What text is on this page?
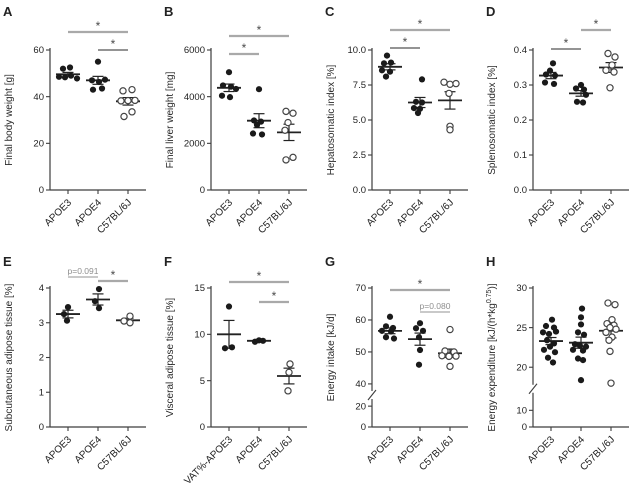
A
0
20
40
60
Final body weight [g]
APOE3
APOE4
C57BL/6J
*
*
B
0
2000
4000
6000
Final liver weight [mg]
APOE3
APOE4
C57BL/6J
*
*
C
0.0
2.5
5.0
7.5
10.0
Hepatosomatic index [%]
APOE3
APOE4
C57BL/6J
*
*
D
0.0
0.1
0.2
0.3
0.4
Splenosomatic index [%]
APOE3
APOE4
C57BL/6J
*
*
E
0
1
2
3
4
Subcutaneous adipose tissue [%]
APOE3
APOE4
C57BL/6J
p=0.091 *
F
0
5
10
15
Visceral adipose tissue [%]
VAT%-APOE3
APOE4
C57BL/6J
*
*
G
0
20
40
50
60
70
Energy intake [kJ/d]
APOE3
APOE4
C57BL/6J
*
p=0.080
H
0
10
20
25
30
Energy expenditure $[kJ/(h*kg^{0.75})]$
APOE3
APOE4
C57BL/6J
